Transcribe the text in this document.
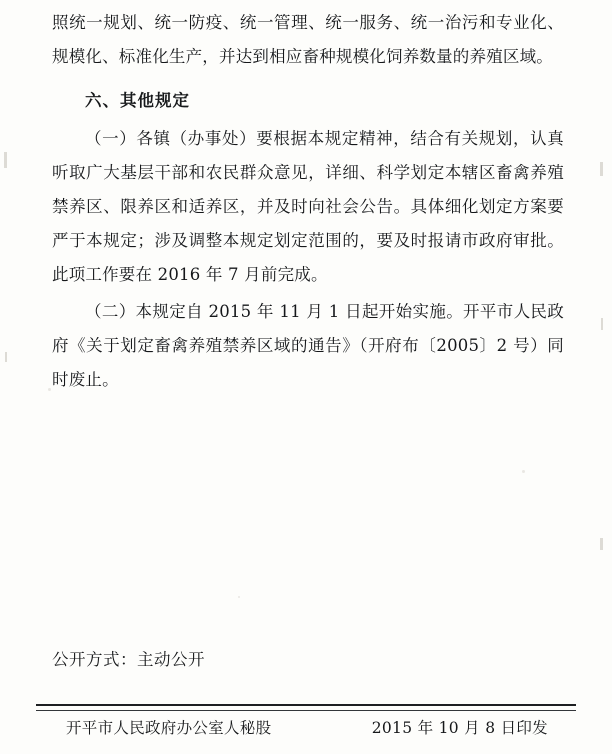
照统一规划、统一防疫、统一管理、统一服务、统一治污和专业化、规模化、标准化生产，并达到相应畜种规模化饲养数量的养殖区域。

六、其他规定

（一）各镇（办事处）要根据本规定精神，结合有关规划，认真听取广大基层干部和农民群众意见，详细、科学划定本辖区畜禽养殖禁养区、限养区和适养区，并及时向社会公告。具体细化划定方案要严于本规定；涉及调整本规定划定范围的，要及时报请市政府审批。此项工作要在 2016 年 7 月前完成。

（二）本规定自 2015 年 11 月 1 日起开始实施。开平市人民政府《关于划定畜禽养殖禁养区域的通告》（开府布〔2005〕2 号）同时废止。

公开方式：主动公开
开平市人民政府办公室人秘股	2015 年 10 月 8 日印发
